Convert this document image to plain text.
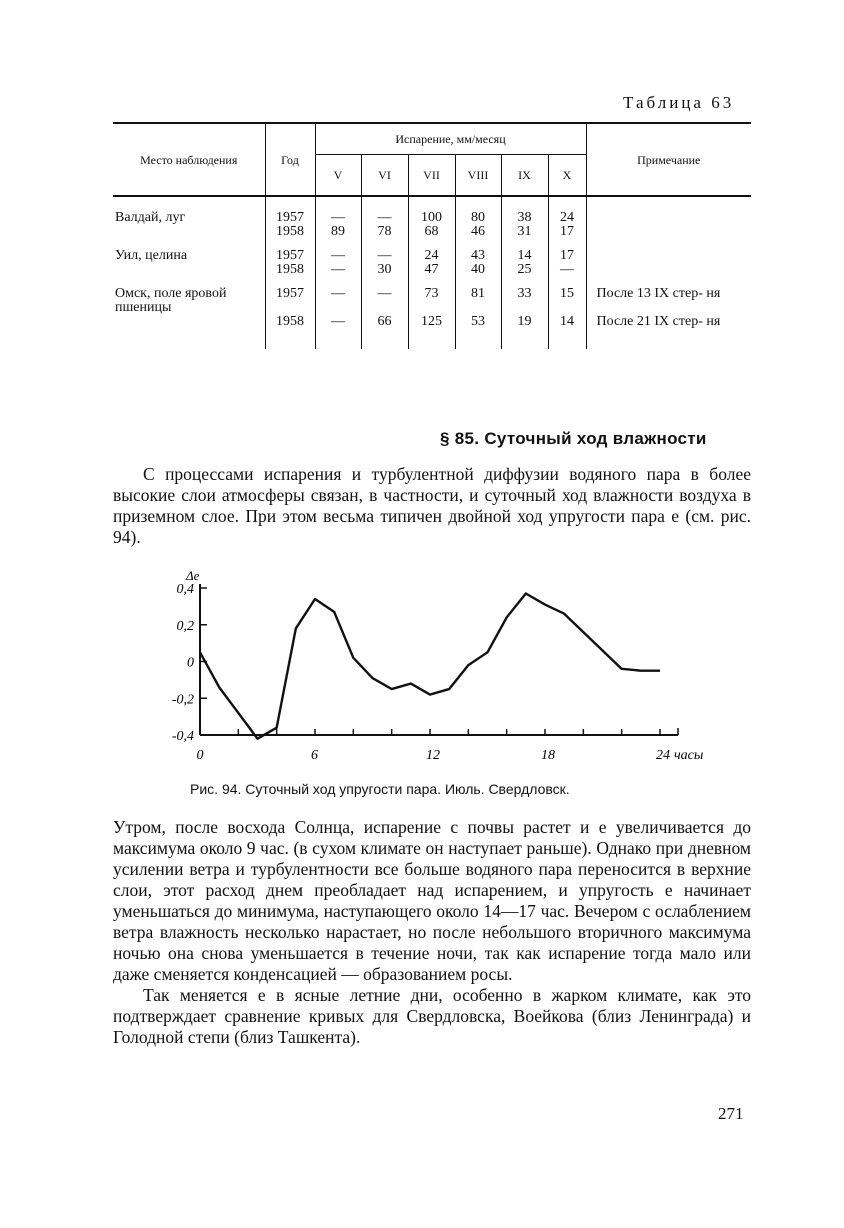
Таблица 63
Место наблюдения	Год	Испарение, мм/месяц						Примечание
		V	VI	VII	VIII	IX	X	

Валдай, луг	1957	—	—	100	80	38	24	
	1958	89	78	68	46	31	17	

Уил, целина	1957	—	—	24	43	14	17	
	1958	—	30	47	40	25	—	

Омск, поле яровой
пшеницы	1957	—	—	73	81	33	15	После 13 IX стер- ня
	1958	—	66	125	53	19	14	После 21 IX стер- ня

§ 85. Суточный ход влажности

С процессами испарения и турбулентной диффузии водяного пара в более высокие слои атмосферы связан, в частности, и суточный ход влажности воздуха в приземном слое. При этом весьма типичен двойной ход упругости пара e (см. рис. 94).

0,4
0,2
0
-0,2
-0,4
0	6	12	18	24 часы
Δe
Рис. 94. Суточный ход упругости пара. Июль. Свердловск.

Утром, после восхода Солнца, испарение с почвы растет и e увеличивается до максимума около 9 час. (в сухом климате он наступает раньше). Однако при дневном усилении ветра и турбулентности все больше водяного пара переносится в верхние слои, этот расход днем преобладает над испарением, и упругость e начинает уменьшаться до минимума, наступающего около 14—17 час. Вечером с ослаблением ветра влажность несколько нарастает, но после небольшого вторичного максимума ночью она снова уменьшается в течение ночи, так как испарение тогда мало или даже сменяется конденсацией — образованием росы.

Так меняется e в ясные летние дни, особенно в жарком климате, как это подтверждает сравнение кривых для Свердловска, Воейкова (близ Ленинграда) и Голодной степи (близ Ташкента).

271
